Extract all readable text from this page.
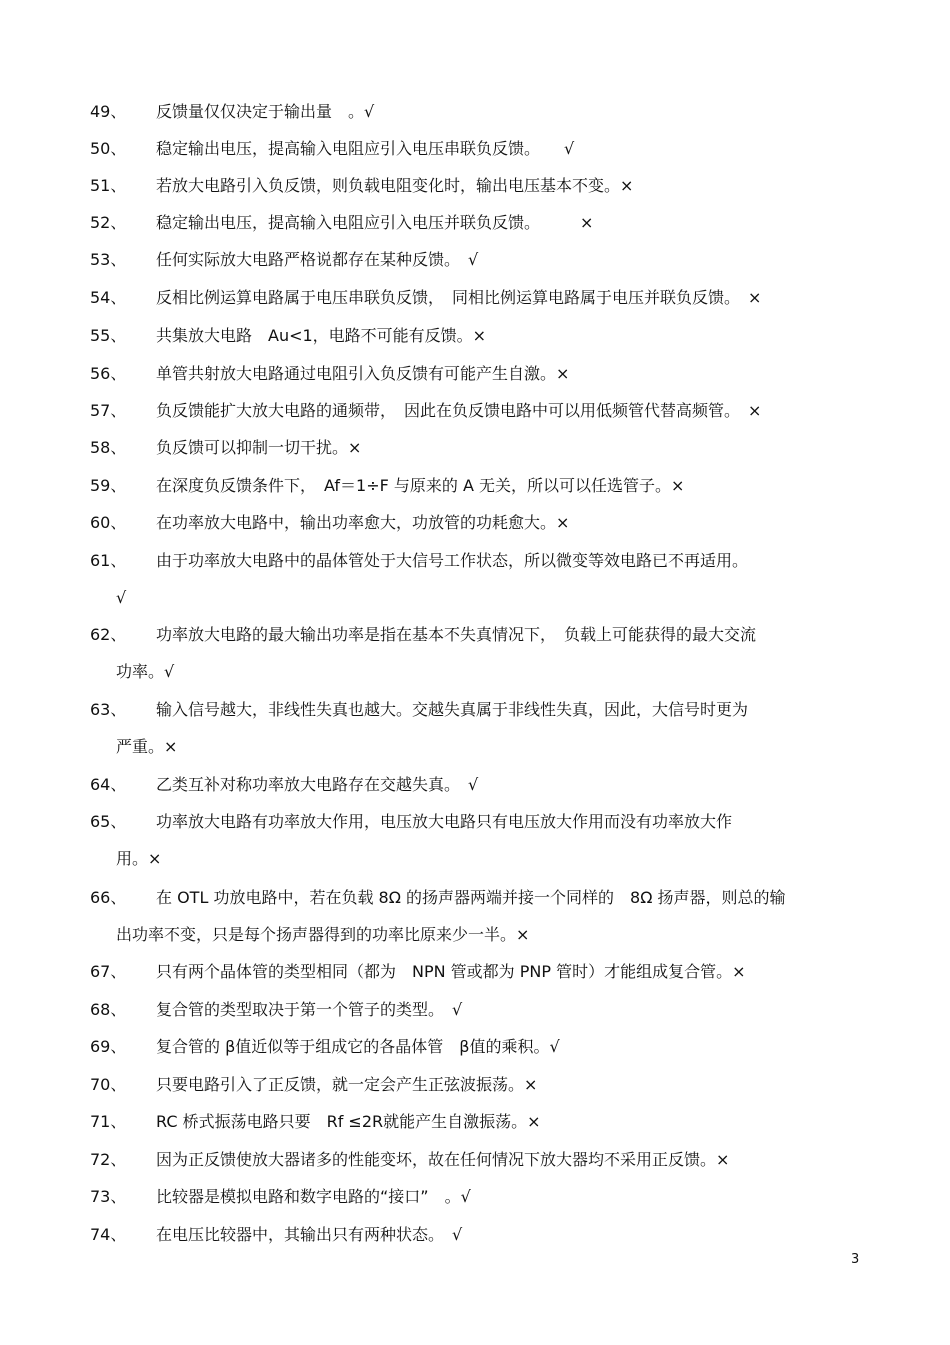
49、 反馈量仅仅决定于输出量　。√
50、 稳定输出电压，提高输入电阻应引入电压串联负反馈。　　√
51、 若放大电路引入负反馈，则负载电阻变化时，输出电压基本不变。×
52、 稳定输出电压，提高输入电阻应引入电压并联负反馈。　　　×
53、 任何实际放大电路严格说都存在某种反馈。　√
54、 反相比例运算电路属于电压串联负反馈，　同相比例运算电路属于电压并联负反馈。　×
55、 共集放大电路　Au<1，电路不可能有反馈。×
56、 单管共射放大电路通过电阻引入负反馈有可能产生自激。×
57、 负反馈能扩大放大电路的通频带，　因此在负反馈电路中可以用低频管代替高频管。　×
58、 负反馈可以抑制一切干扰。×
59、 在深度负反馈条件下，　Af＝1÷F 与原来的 A 无关，所以可以任选管子。×
60、 在功率放大电路中，输出功率愈大，功放管的功耗愈大。×
61、 由于功率放大电路中的晶体管处于大信号工作状态，所以微变等效电路已不再适用。
√
62、 功率放大电路的最大输出功率是指在基本不失真情况下，　负载上可能获得的最大交流
功率。√
63、 输入信号越大，非线性失真也越大。交越失真属于非线性失真，因此，大信号时更为
严重。×
64、 乙类互补对称功率放大电路存在交越失真。　√
65、 功率放大电路有功率放大作用，电压放大电路只有电压放大作用而没有功率放大作
用。×
66、 在 OTL 功放电路中，若在负载 8Ω 的扬声器两端并接一个同样的　8Ω 扬声器，则总的输
出功率不变，只是每个扬声器得到的功率比原来少一半。×
67、 只有两个晶体管的类型相同（都为　NPN 管或都为 PNP 管时）才能组成复合管。×
68、 复合管的类型取决于第一个管子的类型。　√
69、 复合管的 β值近似等于组成它的各晶体管　β值的乘积。√
70、 只要电路引入了正反馈，就一定会产生正弦波振荡。×
71、 RC 桥式振荡电路只要　Rf ≤2R就能产生自激振荡。×
72、 因为正反馈使放大器诸多的性能变坏，故在任何情况下放大器均不采用正反馈。×
73、 比较器是模拟电路和数字电路的“接口”　。√
74、 在电压比较器中，其输出只有两种状态。　√
3
